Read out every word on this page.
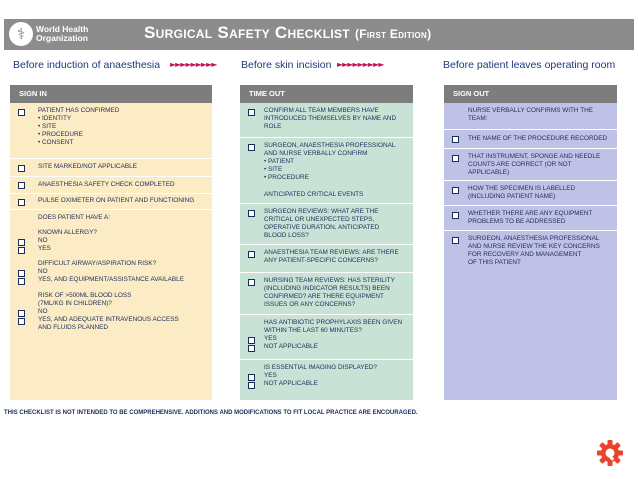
⚕	World Health
Organization	Surgical Safety Checklist (First Edition)
Before induction of anaesthesia ►►►►►►►►► Before skin incision ►►►►►►►►►	Before patient leaves operating room
SIGN IN
PATIENT HAS CONFIRMED
• IDENTITY
• SITE
• PROCEDURE
• CONSENT
SITE MARKED/NOT APPLICABLE
ANAESTHESIA SAFETY CHECK COMPLETED
PULSE OXIMETER ON PATIENT AND FUNCTIONING
DOES PATIENT HAVE A:
KNOWN ALLERGY?
NO
YES
DIFFICULT AIRWAY/ASPIRATION RISK?
NO
YES, AND EQUIPMENT/ASSISTANCE AVAILABLE
RISK OF >500ML BLOOD LOSS
(7ML/KG IN CHILDREN)?
NO
YES, AND ADEQUATE INTRAVENOUS ACCESS
AND FLUIDS PLANNED
TIME OUT
CONFIRM ALL TEAM MEMBERS HAVE
INTRODUCED THEMSELVES BY NAME AND
ROLE
SURGEON, ANAESTHESIA PROFESSIONAL
AND NURSE VERBALLY CONFIRM
• PATIENT
• SITE
• PROCEDURE
ANTICIPATED CRITICAL EVENTS
SURGEON REVIEWS: WHAT ARE THE
CRITICAL OR UNEXPECTED STEPS,
OPERATIVE DURATION, ANTICIPATED
BLOOD LOSS?
ANAESTHESIA TEAM REVIEWS: ARE THERE
ANY PATIENT-SPECIFIC CONCERNS?
NURSING TEAM REVIEWS: HAS STERILITY
(INCLUDING INDICATOR RESULTS) BEEN
CONFIRMED? ARE THERE EQUIPMENT
ISSUES OR ANY CONCERNS?
HAS ANTIBIOTIC PROPHYLAXIS BEEN GIVEN
WITHIN THE LAST 60 MINUTES?
YES
NOT APPLICABLE
IS ESSENTIAL IMAGING DISPLAYED?
YES
NOT APPLICABLE
SIGN OUT
NURSE VERBALLY CONFIRMS WITH THE
TEAM:
THE NAME OF THE PROCEDURE RECORDED
THAT INSTRUMENT, SPONGE AND NEEDLE
COUNTS ARE CORRECT (OR NOT
APPLICABLE)
HOW THE SPECIMEN IS LABELLED
(INCLUDING PATIENT NAME)
WHETHER THERE ARE ANY EQUIPMENT
PROBLEMS TO BE ADDRESSED
SURGEON, ANAESTHESIA PROFESSIONAL
AND NURSE REVIEW THE KEY CONCERNS
FOR RECOVERY AND MANAGEMENT
OF THIS PATIENT
THIS CHECKLIST IS NOT INTENDED TO BE COMPREHENSIVE. ADDITIONS AND MODIFICATIONS TO FIT LOCAL PRACTICE ARE ENCOURAGED.
